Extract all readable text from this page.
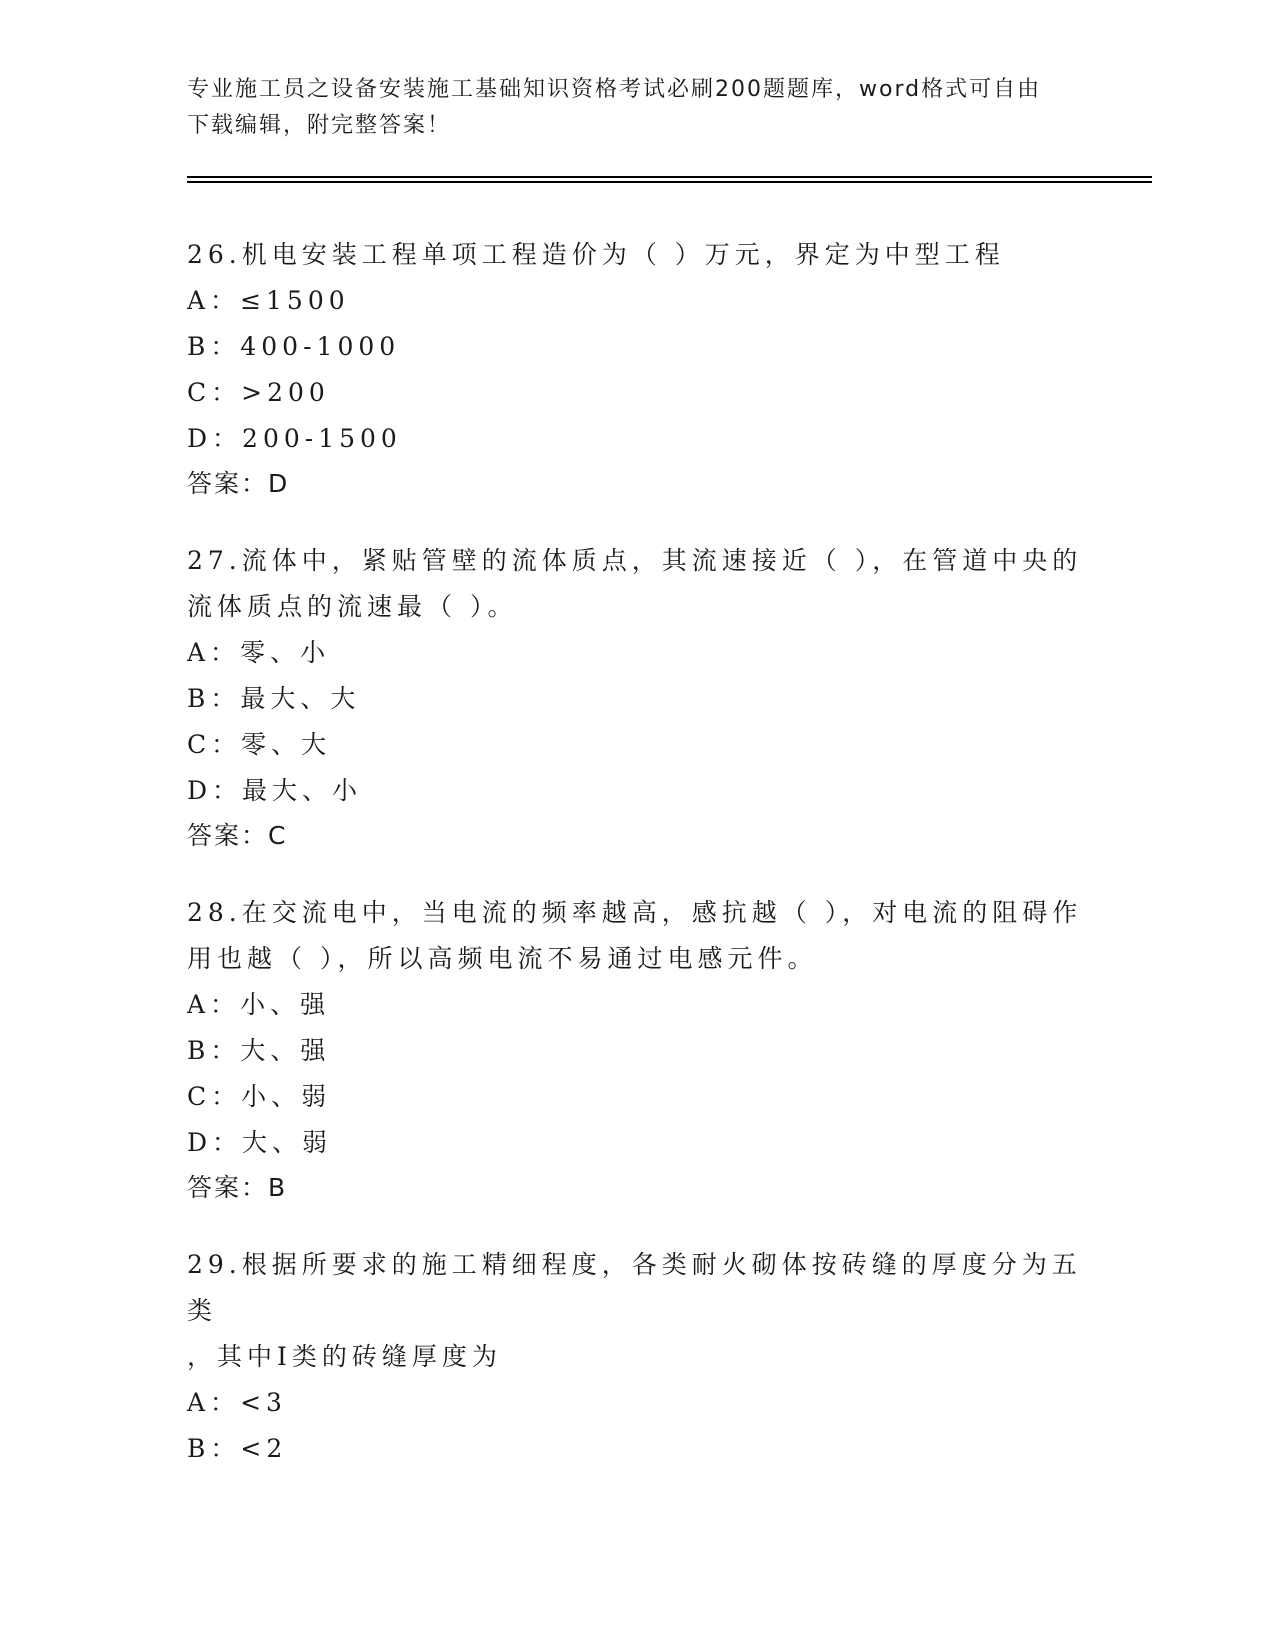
专业施工员之设备安装施工基础知识资格考试必刷200题题库，word格式可自由
下载编辑，附完整答案！

26.机电安装工程单项工程造价为（ ）万元，界定为中型工程

A： ≤1500

B： 400-1000

C： >200

D： 200-1500

答案： D

27.流体中，紧贴管壁的流体质点，其流速接近（ ），在管道中央的

流体质点的流速最（ ）。

A： 零、小

B： 最大、大

C： 零、大

D： 最大、小

答案： C

28.在交流电中，当电流的频率越高，感抗越（ ），对电流的阻碍作

用也越（ ），所以高频电流不易通过电感元件。

A： 小、强

B： 大、强

C： 小、弱

D： 大、弱

答案： B

29.根据所要求的施工精细程度，各类耐火砌体按砖缝的厚度分为五类

，其中Ⅰ类的砖缝厚度为

A： <3

B： <2
